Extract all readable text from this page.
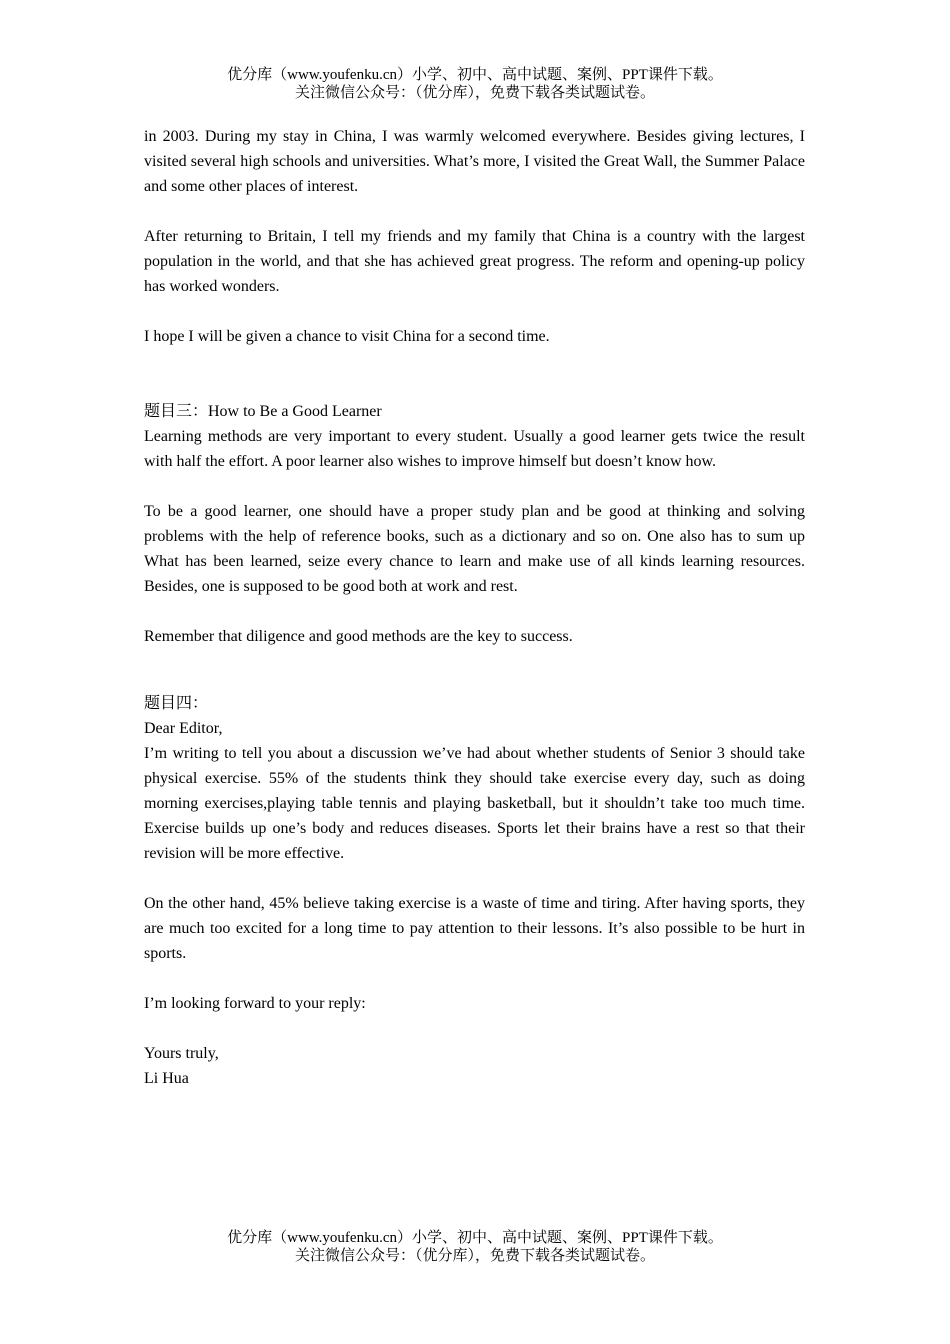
优分库（www.youfenku.cn）小学、初中、高中试题、案例、PPT课件下载。
关注微信公众号：（优分库），免费下载各类试题试卷。

in 2003. During my stay in China, I was warmly welcomed everywhere. Besides giving lectures, I visited several high schools and universities. What’s more, I visited the Great Wall, the Summer Palace and some other places of interest.

After returning to Britain, I tell my friends and my family that China is a country with the largest population in the world, and that she has achieved great progress. The reform and opening-up policy has worked wonders.

I hope I will be given a chance to visit China for a second time.

题目三：How to Be a Good Learner

Learning methods are very important to every student. Usually a good learner gets twice the result with half the effort. A poor learner also wishes to improve himself but doesn’t know how.

To be a good learner, one should have a proper study plan and be good at thinking and solving problems with the help of reference books, such as a dictionary and so on. One also has to sum up What has been learned, seize every chance to learn and make use of all kinds learning resources. Besides, one is supposed to be good both at work and rest.

Remember that diligence and good methods are the key to success.

题目四：

Dear Editor,

I’m writing to tell you about a discussion we’ve had about whether students of Senior 3 should take physical exercise. 55% of the students think they should take exercise every day, such as doing morning exercises,playing table tennis and playing basketball, but it shouldn’t take too much time. Exercise builds up one’s body and reduces diseases. Sports let their brains have a rest so that their revision will be more effective.

On the other hand, 45% believe taking exercise is a waste of time and tiring. After having sports, they are much too excited for a long time to pay attention to their lessons. It’s also possible to be hurt in sports.

I’m looking forward to your reply:

Yours truly,

Li Hua

优分库（www.youfenku.cn）小学、初中、高中试题、案例、PPT课件下载。
关注微信公众号：（优分库），免费下载各类试题试卷。
